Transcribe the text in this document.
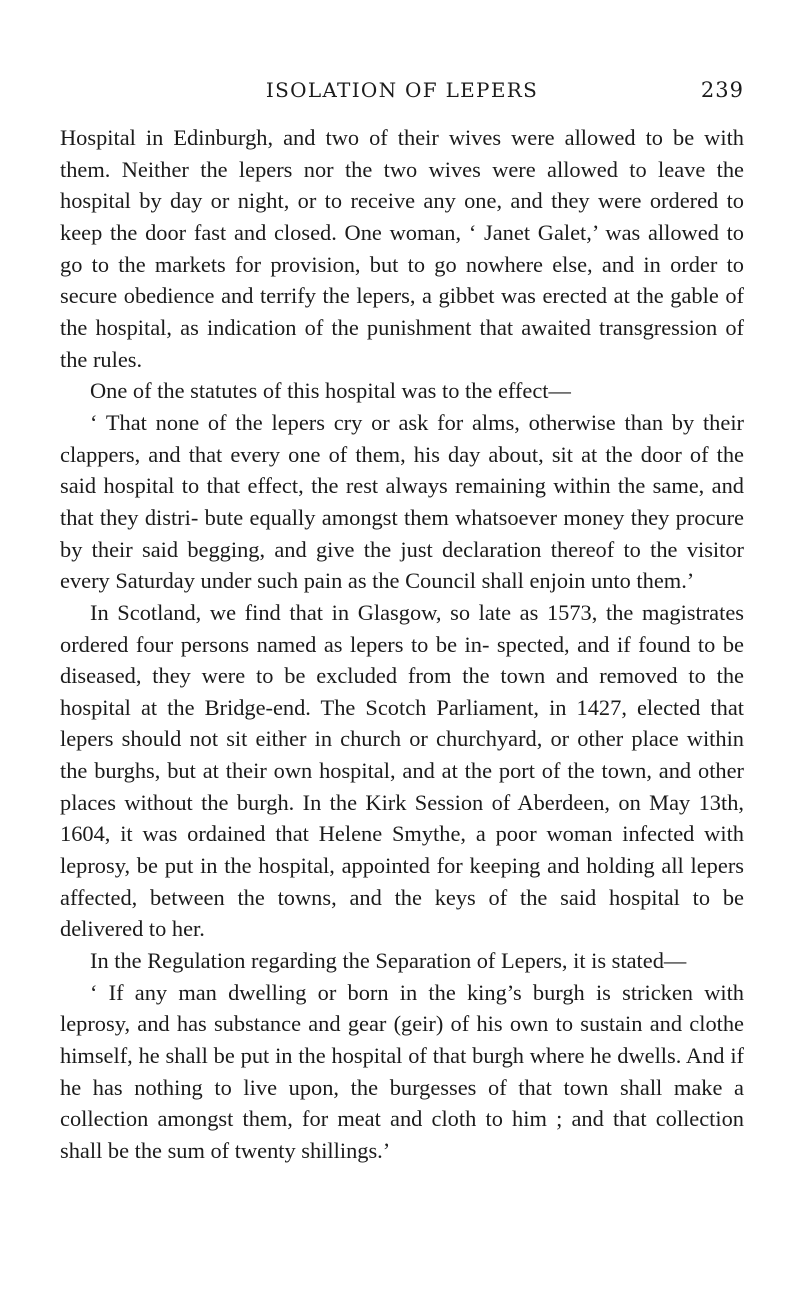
ISOLATION OF LEPERS	239

Hospital in Edinburgh, and two of their wives were allowed to be with them. Neither the lepers nor the two wives were allowed to leave the hospital by day or night, or to receive any one, and they were ordered to keep the door fast and closed. One woman, ‘ Janet Galet,’ was allowed to go to the markets for provision, but to go nowhere else, and in order to secure obedience and terrify the lepers, a gibbet was erected at the gable of the hospital, as indication of the punishment that awaited transgression of the rules.

One of the statutes of this hospital was to the effect—

‘ That none of the lepers cry or ask for alms, otherwise than by their clappers, and that every one of them, his day about, sit at the door of the said hospital to that effect, the rest always remaining within the same, and that they distri- bute equally amongst them whatsoever money they procure by their said begging, and give the just declaration thereof to the visitor every Saturday under such pain as the Council shall enjoin unto them.’

In Scotland, we find that in Glasgow, so late as 1573, the magistrates ordered four persons named as lepers to be in- spected, and if found to be diseased, they were to be excluded from the town and removed to the hospital at the Bridge-end. The Scotch Parliament, in 1427, elected that lepers should not sit either in church or churchyard, or other place within the burghs, but at their own hospital, and at the port of the town, and other places without the burgh. In the Kirk Session of Aberdeen, on May 13th, 1604, it was ordained that Helene Smythe, a poor woman infected with leprosy, be put in the hospital, appointed for keeping and holding all lepers affected, between the towns, and the keys of the said hospital to be delivered to her.

In the Regulation regarding the Separation of Lepers, it is stated—

‘ If any man dwelling or born in the king’s burgh is stricken with leprosy, and has substance and gear (geir) of his own to sustain and clothe himself, he shall be put in the hospital of that burgh where he dwells. And if he has nothing to live upon, the burgesses of that town shall make a collection amongst them, for meat and cloth to him ; and that collection shall be the sum of twenty shillings.’
